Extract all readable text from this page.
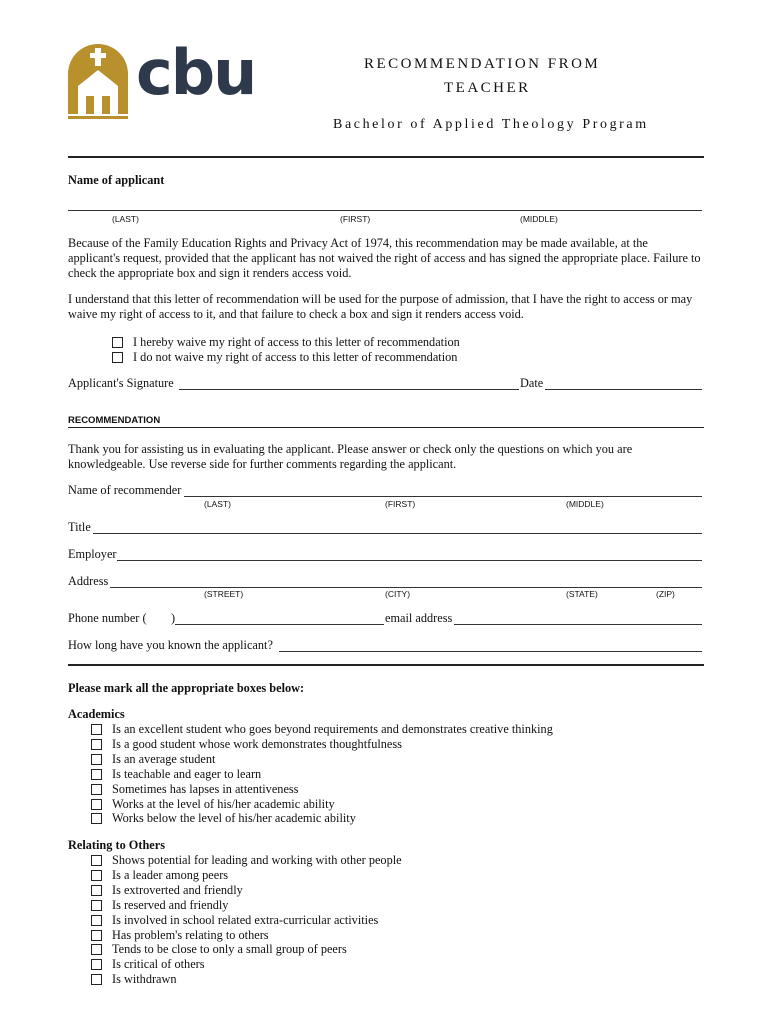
cbu	RECOMMENDATION FROM
TEACHER
Bachelor of Applied Theology Program
Name of applicant
(LAST)	(FIRST)	(MIDDLE)
Because of the Family Education Rights and Privacy Act of 1974, this recommendation may be made available, at the applicant's request, provided that the applicant has not waived the right of access and has signed the appropriate place. Failure to check the appropriate box and sign it renders access void.
I understand that this letter of recommendation will be used for the purpose of admission, that I have the right to access or may waive my right of access to it, and that failure to check a box and sign it renders access void.
I hereby waive my right of access to this letter of recommendation
I do not waive my right of access to this letter of recommendation
Applicant's Signature	Date
RECOMMENDATION
Thank you for assisting us in evaluating the applicant. Please answer or check only the questions on which you are knowledgeable. Use reverse side for further comments regarding the applicant.
Name of recommender
(LAST)	(FIRST)	(MIDDLE)
Title
Employer
Address
(STREET)	(CITY)	(STATE)	(ZIP)
Phone number ( )	email address
How long have you known the applicant?
Please mark all the appropriate boxes below:
Academics
Is an excellent student who goes beyond requirements and demonstrates creative thinking
Is a good student whose work demonstrates thoughtfulness
Is an average student
Is teachable and eager to learn
Sometimes has lapses in attentiveness
Works at the level of his/her academic ability
Works below the level of his/her academic ability
Relating to Others
Shows potential for leading and working with other people
Is a leader among peers
Is extroverted and friendly
Is reserved and friendly
Is involved in school related extra-curricular activities
Has problem's relating to others
Tends to be close to only a small group of peers
Is critical of others
Is withdrawn
